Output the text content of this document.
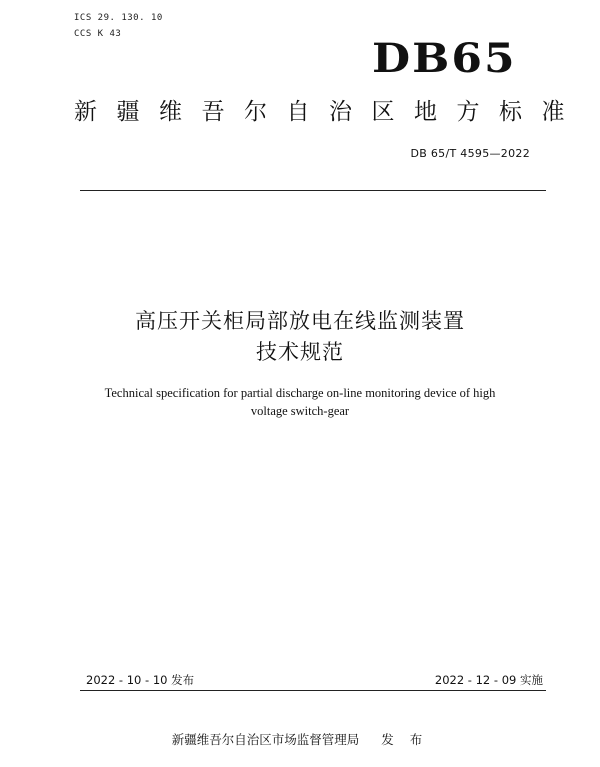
ICS 29. 130. 10
CCS K 43
DB65
新疆维吾尔自治区地方标准
DB 65/T 4595—2022
高压开关柜局部放电在线监测装置
技术规范
Technical specification for partial discharge on-line monitoring device of high
voltage switch-gear
2022 - 10 - 10 发布	2022 - 12 - 09 实施
新疆维吾尔自治区市场监督管理局 发 布
